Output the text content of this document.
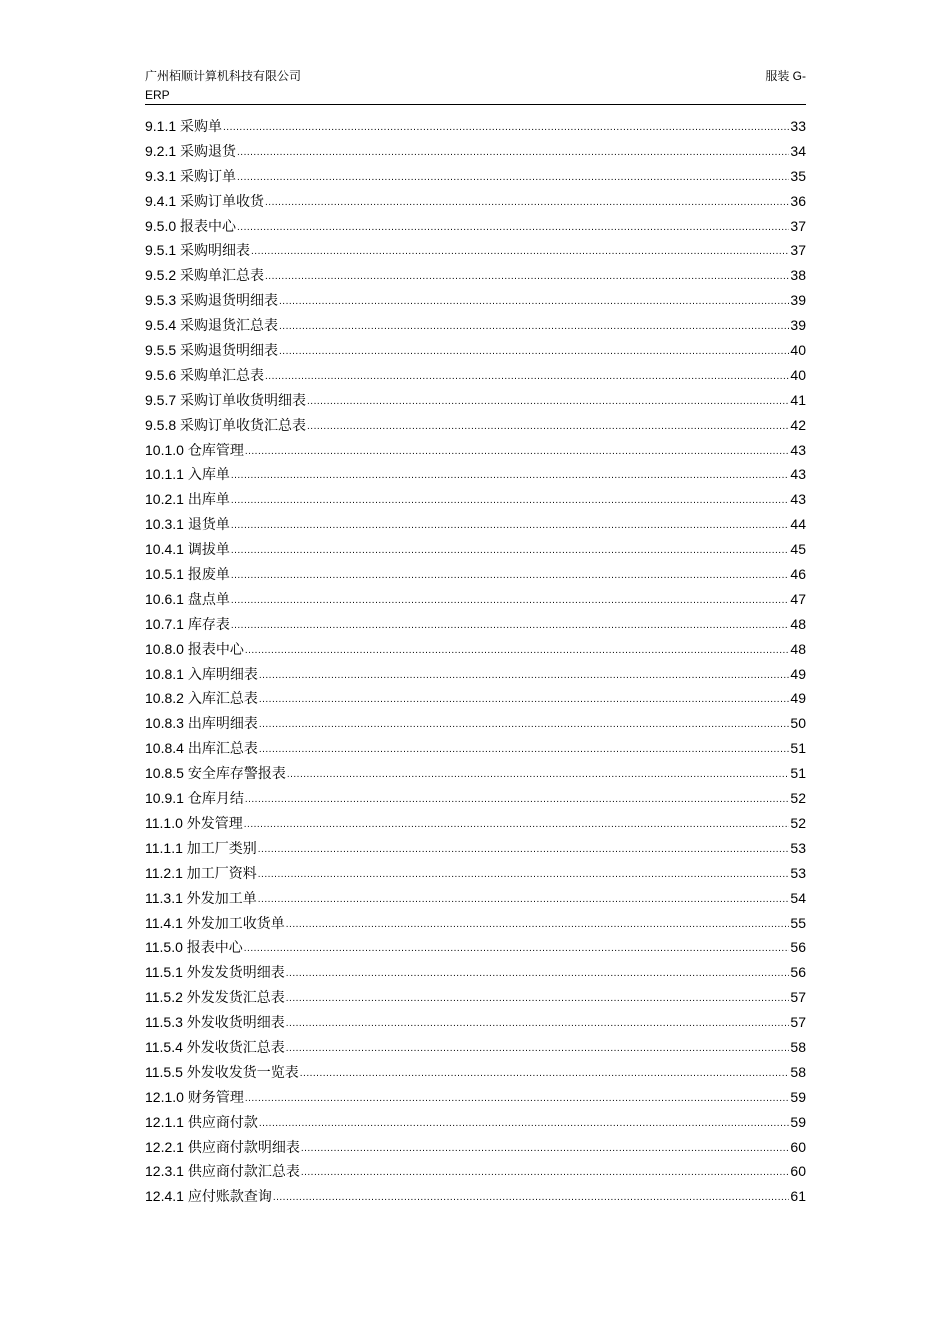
广州栢顺计算机科技有限公司
ERP
服装 G-
9.1.1 采购单 .....	33
9.2.1 采购退货 .....	34
9.3.1 采购订单 .....	35
9.4.1 采购订单收货 .....	36
9.5.0 报表中心 .....	37
9.5.1 采购明细表 .....	37
9.5.2 采购单汇总表 .....	38
9.5.3 采购退货明细表 .....	39
9.5.4 采购退货汇总表 .....	39
9.5.5 采购退货明细表 .....	40
9.5.6 采购单汇总表 .....	40
9.5.7 采购订单收货明细表 .....	41
9.5.8 采购订单收货汇总表 .....	42
10.1.0 仓库管理 .....	43
10.1.1 入库单 .....	43
10.2.1 出库单 .....	43
10.3.1 退货单 .....	44
10.4.1 调拔单 .....	45
10.5.1 报废单 .....	46
10.6.1 盘点单 .....	47
10.7.1 库存表 .....	48
10.8.0 报表中心 .....	48
10.8.1 入库明细表 .....	49
10.8.2 入库汇总表 .....	49
10.8.3 出库明细表 .....	50
10.8.4 出库汇总表 .....	51
10.8.5 安全库存警报表 .....	51
10.9.1 仓库月结 .....	52
11.1.0 外发管理 .....	52
11.1.1 加工厂类别 .....	53
11.2.1 加工厂资料 .....	53
11.3.1 外发加工单 .....	54
11.4.1 外发加工收货单 .....	55
11.5.0 报表中心 .....	56
11.5.1 外发发货明细表 .....	56
11.5.2 外发发货汇总表 .....	57
11.5.3 外发收货明细表 .....	57
11.5.4 外发收货汇总表 .....	58
11.5.5 外发收发货一览表 .....	58
12.1.0 财务管理 .....	59
12.1.1 供应商付款 .....	59
12.2.1 供应商付款明细表 .....	60
12.3.1 供应商付款汇总表 .....	60
12.4.1 应付账款查询 .....	61
